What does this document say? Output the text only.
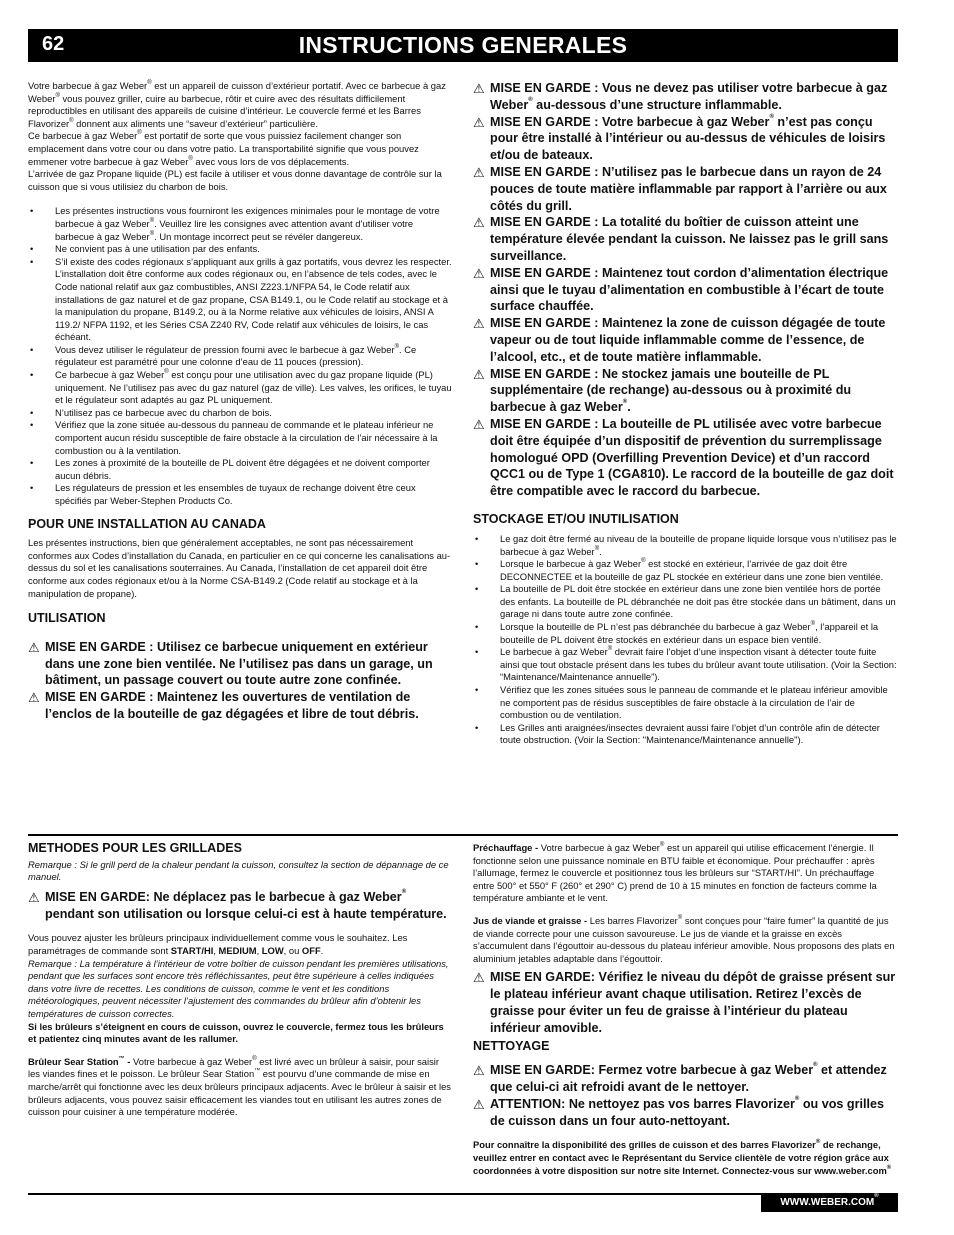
62	INSTRUCTIONS GENERALES

Votre barbecue à gaz Weber® est un appareil de cuisson d’extérieur portatif. Avec ce barbecue à gaz Weber® vous pouvez griller, cuire au barbecue, rôtir et cuire avec des résultats difficilement reproductibles en utilisant des appareils de cuisine d’intérieur. Le couvercle fermé et les Barres Flavorizer® donnent aux aliments une “saveur d’extérieur” particulière.

Ce barbecue à gaz Weber® est portatif de sorte que vous puissiez facilement changer son emplacement dans votre cour ou dans votre patio. La transportabilité signifie que vous pouvez emmener votre barbecue à gaz Weber® avec vous lors de vos déplacements.

L’arrivée de gaz Propane liquide (PL) est facile à utiliser et vous donne davantage de contrôle sur la cuisson que si vous utilisiez du charbon de bois.

• Les présentes instructions vous fourniront les exigences minimales pour le montage de votre barbecue à gaz Weber®. Veuillez lire les consignes avec attention avant d’utiliser votre barbecue à gaz Weber®. Un montage incorrect peut se révéler dangereux.
• Ne convient pas à une utilisation par des enfants.
• S’il existe des codes régionaux s’appliquant aux grills à gaz portatifs, vous devrez les respecter. L’installation doit être conforme aux codes régionaux ou, en l’absence de tels codes, avec le Code national relatif aux gaz combustibles, ANSI Z223.1/NFPA 54, le Code relatif aux installations de gaz naturel et de gaz propane, CSA B149.1, ou le Code relatif au stockage et à la manipulation du propane, B149.2, ou à la Norme relative aux véhicules de loisirs, ANSI A 119.2/ NFPA 1192, et les Séries CSA Z240 RV, Code relatif aux véhicules de loisirs, le cas échéant.
• Vous devez utiliser le régulateur de pression fourni avec le barbecue à gaz Weber®. Ce régulateur est paramétré pour une colonne d’eau de 11 pouces (pression).
• Ce barbecue à gaz Weber® est conçu pour une utilisation avec du gaz propane liquide (PL) uniquement. Ne l’utilisez pas avec du gaz naturel (gaz de ville). Les valves, les orifices, le tuyau et le régulateur sont adaptés au gaz PL uniquement.
• N’utilisez pas ce barbecue avec du charbon de bois.
• Vérifiez que la zone située au-dessous du panneau de commande et le plateau inférieur ne comportent aucun résidu susceptible de faire obstacle à la circulation de l’air nécessaire à la combustion ou à la ventilation.
• Les zones à proximité de la bouteille de PL doivent être dégagées et ne doivent comporter aucun débris.
• Les régulateurs de pression et les ensembles de tuyaux de rechange doivent être ceux spécifiés par Weber-Stephen Products Co.
POUR UNE INSTALLATION AU CANADA

Les présentes instructions, bien que généralement acceptables, ne sont pas nécessairement conformes aux Codes d’installation du Canada, en particulier en ce qui concerne les canalisations au-dessus du sol et les canalisations souterraines. Au Canada, l’installation de cet appareil doit être conforme aux codes régionaux et/ou à la Norme CSA-B149.2 (Code relatif au stockage et à la manipulation de propane).

UTILISATION

⚠ MISE EN GARDE : Utilisez ce barbecue uniquement en extérieur dans une zone bien ventilée. Ne l’utilisez pas dans un garage, un bâtiment, un passage couvert ou toute autre zone confinée.

⚠ MISE EN GARDE : Maintenez les ouvertures de ventilation de l’enclos de la bouteille de gaz dégagées et libre de tout débris.

⚠ MISE EN GARDE : Vous ne devez pas utiliser votre barbecue à gaz Weber® au-dessous d’une structure inflammable.

⚠ MISE EN GARDE : Votre barbecue à gaz Weber® n’est pas conçu pour être installé à l’intérieur ou au-dessus de véhicules de loisirs et/ou de bateaux.

⚠ MISE EN GARDE : N’utilisez pas le barbecue dans un rayon de 24 pouces de toute matière inflammable par rapport à l’arrière ou aux côtés du grill.

⚠ MISE EN GARDE : La totalité du boîtier de cuisson atteint une température élevée pendant la cuisson. Ne laissez pas le grill sans surveillance.

⚠ MISE EN GARDE : Maintenez tout cordon d’alimentation électrique ainsi que le tuyau d’alimentation en combustible à l’écart de toute surface chauffée.

⚠ MISE EN GARDE : Maintenez la zone de cuisson dégagée de toute vapeur ou de tout liquide inflammable comme de l’essence, de l’alcool, etc., et de toute matière inflammable.

⚠ MISE EN GARDE : Ne stockez jamais une bouteille de PL supplémentaire (de rechange) au-dessous ou à proximité du barbecue à gaz Weber®.

⚠ MISE EN GARDE : La bouteille de PL utilisée avec votre barbecue doit être équipée d’un dispositif de prévention du surremplissage homologué OPD (Overfilling Prevention Device) et d’un raccord QCC1 ou de Type 1 (CGA810). Le raccord de la bouteille de gaz doit être compatible avec le raccord du barbecue.

STOCKAGE ET/OU INUTILISATION
• Le gaz doit être fermé au niveau de la bouteille de propane liquide lorsque vous n’utilisez pas le barbecue à gaz Weber®.
• Lorsque le barbecue à gaz Weber® est stocké en extérieur, l’arrivée de gaz doit être DECONNECTEE et la bouteille de gaz PL stockée en extérieur dans une zone bien ventilée.
• La bouteille de PL doit être stockée en extérieur dans une zone bien ventilée hors de portée des enfants. La bouteille de PL débranchée ne doit pas être stockée dans un bâtiment, dans un garage ni dans toute autre zone confinée.
• Lorsque la bouteille de PL n’est pas débranchée du barbecue à gaz Weber®, l’appareil et la bouteille de PL doivent être stockés en extérieur dans un espace bien ventilé.
• Le barbecue à gaz Weber® devrait faire l’objet d’une inspection visant à détecter toute fuite ainsi que tout obstacle présent dans les tubes du brûleur avant toute utilisation. (Voir la Section: “Maintenance/Maintenance annuelle”).
• Vérifiez que les zones situées sous le panneau de commande et le plateau inférieur amovible ne comportent pas de résidus susceptibles de faire obstacle à la circulation de l’air de combustion ou de ventilation.
• Les Grilles anti araignées/insectes devraient aussi faire l’objet d’un contrôle afin de détecter toute obstruction. (Voir la Section: "Maintenance/Maintenance annuelle").
METHODES POUR LES GRILLADES

Remarque : Si le grill perd de la chaleur pendant la cuisson, consultez la section de dépannage de ce manuel.

⚠ MISE EN GARDE: Ne déplacez pas le barbecue à gaz Weber® pendant son utilisation ou lorsque celui-ci est à haute température.

Vous pouvez ajuster les brûleurs principaux individuellement comme vous le souhaitez. Les paramétrages de commande sont START/HI, MEDIUM, LOW, ou OFF.

Remarque : La température à l’intérieur de votre boîtier de cuisson pendant les premières utilisations, pendant que les surfaces sont encore très réfléchissantes, peut être supérieure à celles indiquées dans votre livre de recettes. Les conditions de cuisson, comme le vent et les conditions météorologiques, peuvent nécessiter l’ajustement des commandes du brûleur afin d’obtenir les températures de cuisson correctes.

Si les brûleurs s’éteignent en cours de cuisson, ouvrez le couvercle, fermez tous les brûleurs et patientez cinq minutes avant de les rallumer.

Brûleur Sear Station™ - Votre barbecue à gaz Weber® est livré avec un brûleur à saisir, pour saisir les viandes fines et le poisson. Le brûleur Sear Station™ est pourvu d’une commande de mise en marche/arrêt qui fonctionne avec les deux brûleurs principaux adjacents. Avec le brûleur à saisir et les brûleurs adjacents, vous pouvez saisir efficacement les viandes tout en utilisant les autres zones de cuisson pour cuisiner à une température modérée.

Préchauffage - Votre barbecue à gaz Weber® est un appareil qui utilise efficacement l’énergie. Il fonctionne selon une puissance nominale en BTU faible et économique. Pour préchauffer : après l’allumage, fermez le couvercle et positionnez tous les brûleurs sur “START/HI”. Un préchauffage entre 500° et 550° F (260° et 290° C) prend de 10 à 15 minutes en fonction de facteurs comme la température ambiante et le vent.

Jus de viande et graisse - Les barres Flavorizer® sont conçues pour “faire fumer” la quantité de jus de viande correcte pour une cuisson savoureuse. Le jus de viande et la graisse en excès s’accumulent dans l’égouttoir au-dessous du plateau inférieur amovible. Nous proposons des plats en aluminium jetables adaptable dans l’égouttoir.

⚠ MISE EN GARDE: Vérifiez le niveau du dépôt de graisse présent sur le plateau inférieur avant chaque utilisation. Retirez l’excès de graisse pour éviter un feu de graisse à l’intérieur du plateau inférieur amovible.

NETTOYAGE

⚠ MISE EN GARDE: Fermez votre barbecue à gaz Weber® et attendez que celui-ci ait refroidi avant de le nettoyer.

⚠ ATTENTION: Ne nettoyez pas vos barres Flavorizer® ou vos grilles de cuisson dans un four auto-nettoyant.

Pour connaître la disponibilité des grilles de cuisson et des barres Flavorizer® de rechange, veuillez entrer en contact avec le Représentant du Service clientèle de votre région grâce aux coordonnées à votre disposition sur notre site Internet. Connectez-vous sur www.weber.com®

WWW.WEBER.COM®
